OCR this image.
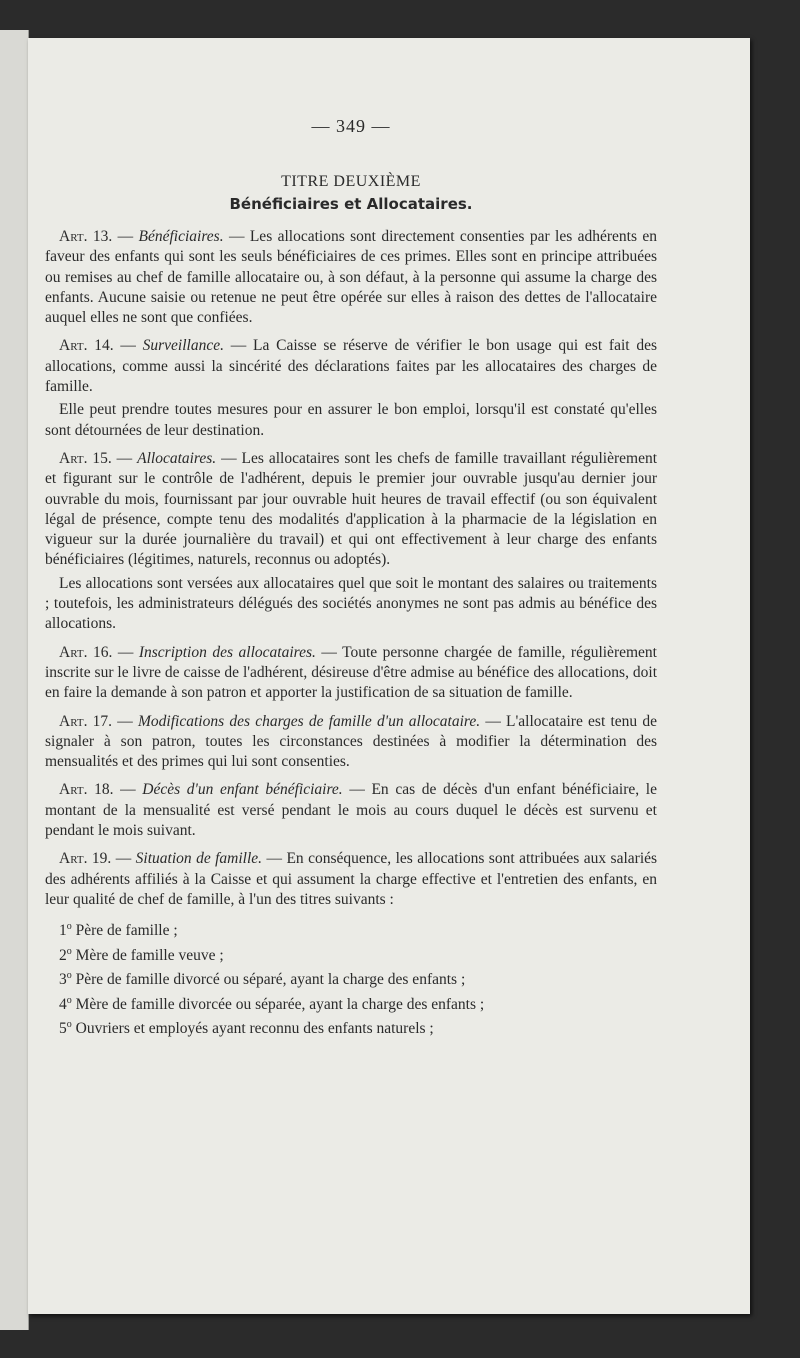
— 349 —
TITRE DEUXIÈME
Bénéficiaires et Allocataires.

Art. 13. — Bénéficiaires. — Les allocations sont directement consenties par les adhérents en faveur des enfants qui sont les seuls bénéficiaires de ces primes. Elles sont en principe attribuées ou remises au chef de famille allocataire ou, à son défaut, à la personne qui assume la charge des enfants. Aucune saisie ou retenue ne peut être opérée sur elles à raison des dettes de l'allocataire auquel elles ne sont que confiées.

Art. 14. — Surveillance. — La Caisse se réserve de vérifier le bon usage qui est fait des allocations, comme aussi la sincérité des déclarations faites par les allocataires des charges de famille.

Elle peut prendre toutes mesures pour en assurer le bon emploi, lorsqu'il est constaté qu'elles sont détournées de leur destination.

Art. 15. — Allocataires. — Les allocataires sont les chefs de famille travaillant régulièrement et figurant sur le contrôle de l'adhérent, depuis le premier jour ouvrable jusqu'au dernier jour ouvrable du mois, fournissant par jour ouvrable huit heures de travail effectif (ou son équivalent légal de présence, compte tenu des modalités d'application à la pharmacie de la législation en vigueur sur la durée journalière du travail) et qui ont effectivement à leur charge des enfants bénéficiaires (légitimes, naturels, reconnus ou adoptés).

Les allocations sont versées aux allocataires quel que soit le montant des salaires ou traitements ; toutefois, les administrateurs délégués des sociétés anonymes ne sont pas admis au bénéfice des allocations.

Art. 16. — Inscription des allocataires. — Toute personne chargée de famille, régulièrement inscrite sur le livre de caisse de l'adhérent, désireuse d'être admise au bénéfice des allocations, doit en faire la demande à son patron et apporter la justification de sa situation de famille.

Art. 17. — Modifications des charges de famille d'un allocataire. — L'allocataire est tenu de signaler à son patron, toutes les circonstances destinées à modifier la détermination des mensualités et des primes qui lui sont consenties.

Art. 18. — Décès d'un enfant bénéficiaire. — En cas de décès d'un enfant bénéficiaire, le montant de la mensualité est versé pendant le mois au cours duquel le décès est survenu et pendant le mois suivant.

Art. 19. — Situation de famille. — En conséquence, les allocations sont attribuées aux salariés des adhérents affiliés à la Caisse et qui assument la charge effective et l'entretien des enfants, en leur qualité de chef de famille, à l'un des titres suivants :

1$^o$ Père de famille ;
2$^o$ Mère de famille veuve ;
3$^o$ Père de famille divorcé ou séparé, ayant la charge des enfants ;
4$^o$ Mère de famille divorcée ou séparée, ayant la charge des enfants ;
5$^o$ Ouvriers et employés ayant reconnu des enfants naturels ;
